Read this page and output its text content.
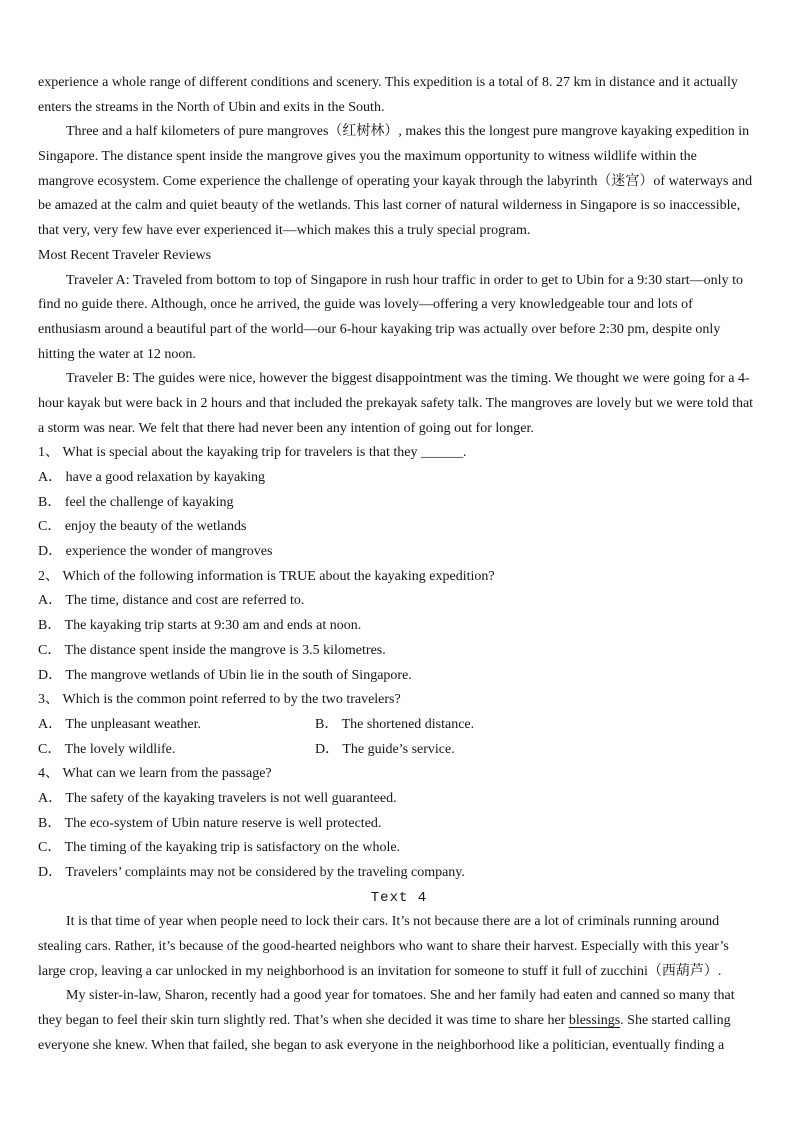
experience a whole range of different conditions and scenery. This expedition is a total of 8. 27 km in distance and it actually
enters the streams in the North of Ubin and exits in the South.
Three and a half kilometers of pure mangroves（红树林）, makes this the longest pure mangrove kayaking expedition in
Singapore. The distance spent inside the mangrove gives you the maximum opportunity to witness wildlife within the
mangrove ecosystem. Come experience the challenge of operating your kayak through the labyrinth（迷宫）of waterways and
be amazed at the calm and quiet beauty of the wetlands. This last corner of natural wilderness in Singapore is so inaccessible,
that very, very few have ever experienced it—which makes this a truly special program.
Most Recent Traveler Reviews
Traveler A: Traveled from bottom to top of Singapore in rush hour traffic in order to get to Ubin for a 9:30 start—only to
find no guide there. Although, once he arrived, the guide was lovely—offering a very knowledgeable tour and lots of
enthusiasm around a beautiful part of the world—our 6-hour kayaking trip was actually over before 2:30 pm, despite only
hitting the water at 12 noon.
Traveler B: The guides were nice, however the biggest disappointment was the timing. We thought we were going for a 4-
hour kayak but were back in 2 hours and that included the prekayak safety talk. The mangroves are lovely but we were told that
a storm was near. We felt that there had never been any intention of going out for longer.
1、 What is special about the kayaking trip for travelers is that they ______.
A． have a good relaxation by kayaking
B． feel the challenge of kayaking
C． enjoy the beauty of the wetlands
D． experience the wonder of mangroves
2、 Which of the following information is TRUE about the kayaking expedition?
A． The time, distance and cost are referred to.
B． The kayaking trip starts at 9:30 am and ends at noon.
C． The distance spent inside the mangrove is 3.5 kilometres.
D． The mangrove wetlands of Ubin lie in the south of Singapore.
3、 Which is the common point referred to by the two travelers?
A． The unpleasant weather.	B． The shortened distance.
C． The lovely wildlife.	D． The guide’s service.
4、 What can we learn from the passage?
A． The safety of the kayaking travelers is not well guaranteed.
B． The eco-system of Ubin nature reserve is well protected.
C． The timing of the kayaking trip is satisfactory on the whole.
D． Travelers’ complaints may not be considered by the traveling company.
Text 4
It is that time of year when people need to lock their cars. It’s not because there are a lot of criminals running around
stealing cars. Rather, it’s because of the good-hearted neighbors who want to share their harvest. Especially with this year’s
large crop, leaving a car unlocked in my neighborhood is an invitation for someone to stuff it full of zucchini（西葫芦）.
My sister-in-law, Sharon, recently had a good year for tomatoes. She and her family had eaten and canned so many that
they began to feel their skin turn slightly red. That’s when she decided it was time to share her blessings. She started calling
everyone she knew. When that failed, she began to ask everyone in the neighborhood like a politician, eventually finding a
